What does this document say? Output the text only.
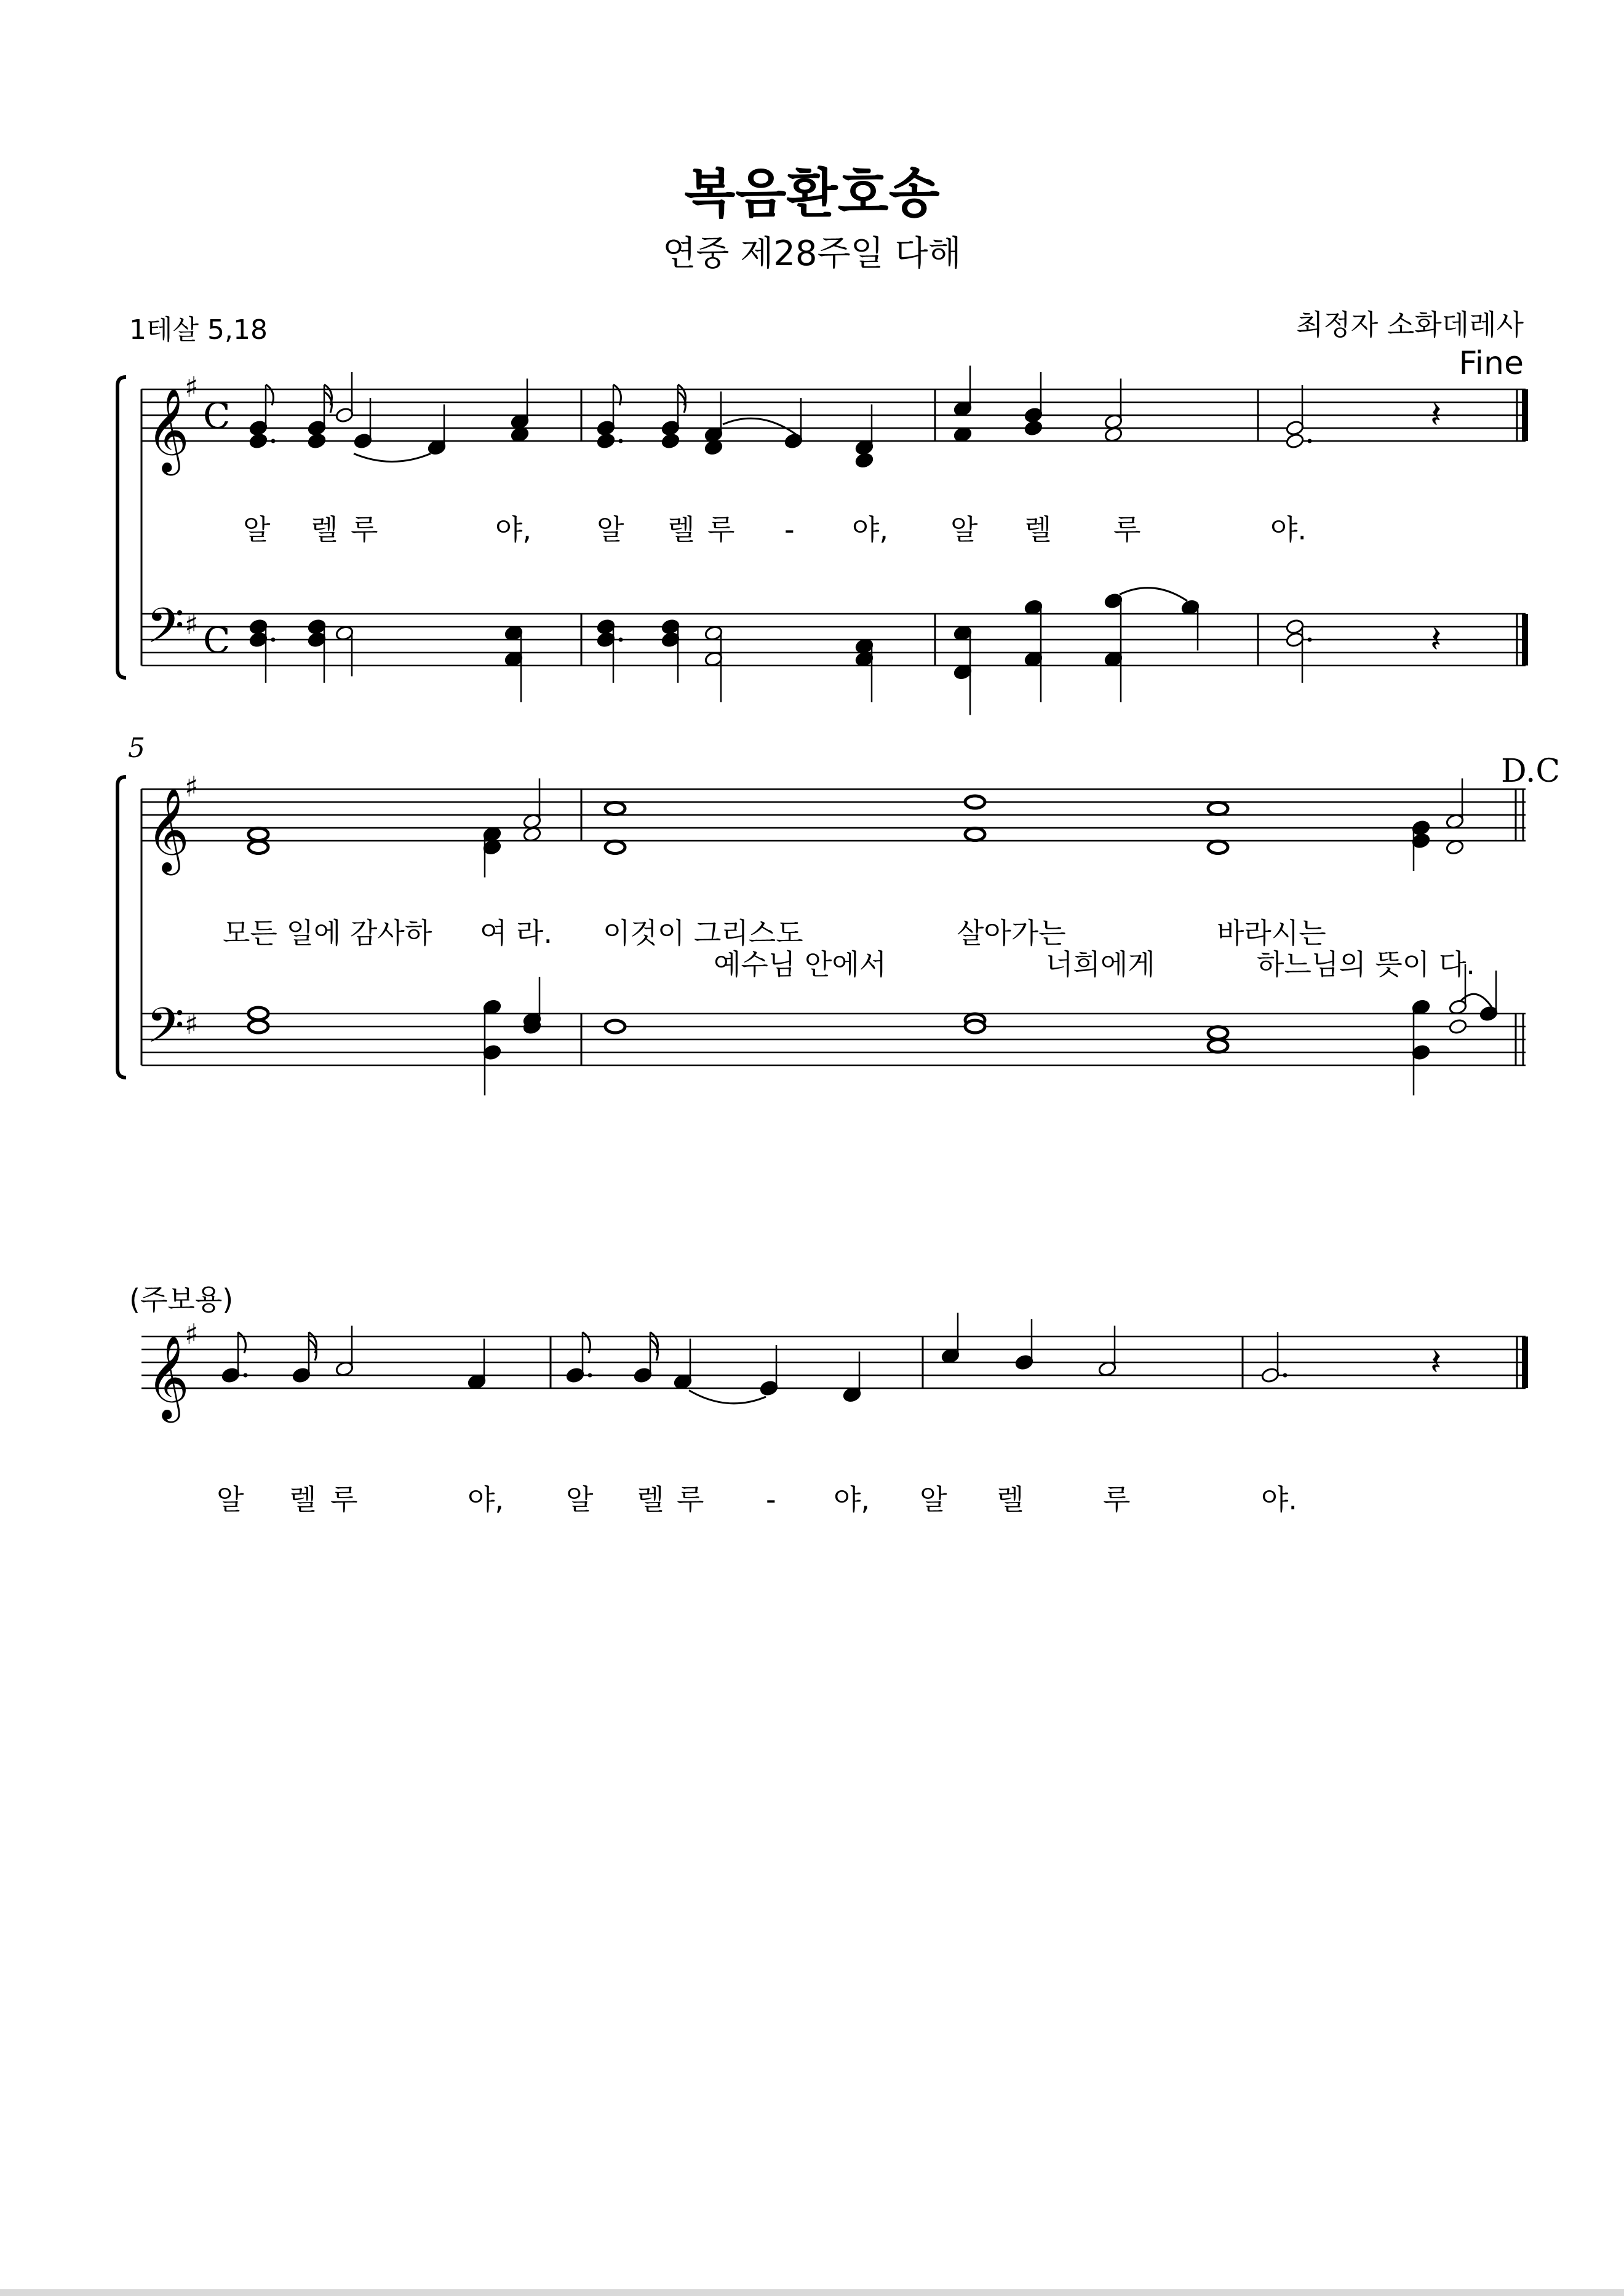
복음환호송
연중 제28주일 다해
1테살 5,18	최정자 소화데레사
Fine
5
D.C
(주보용)
알 렐 루	야, 알 렐 루 - 야, 알 렐 루	야.
알 렐 루	야, 알 렐 루 - 야, 알 렐	루	야.
모든 일에 감사하 여 라. 이것이 그리스도	살아가는	바라시는
예수님 안에서	너희에게	하느님의 뜻이 다.
𝄞
𝄢
♯
♯
C
C
𝄽
𝄽
𝄞
𝄢
♯
♯
𝄞
♯
𝄽
